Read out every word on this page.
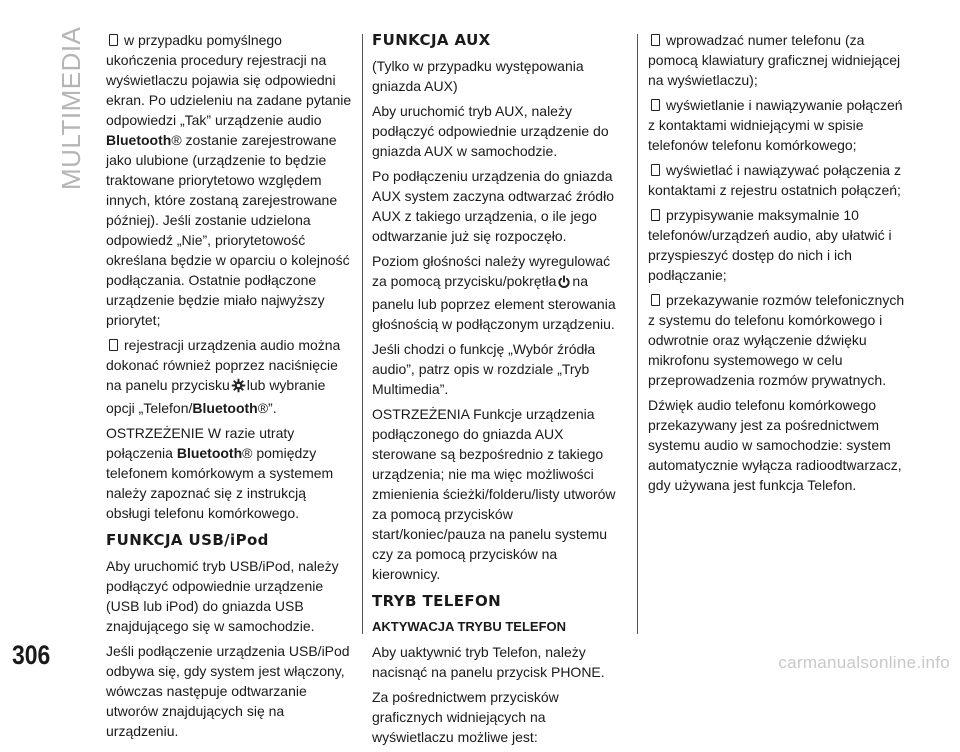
MULTIMEDIA	w przypadku pomyślnego ukończenia procedury rejestracji na wyświetlaczu pojawia się odpowiedni ekran. Po udzieleniu na zadane pytanie odpowiedzi „Tak” urządzenie audio Bluetooth® zostanie zarejestrowane jako ulubione (urządzenie to będzie traktowane priorytetowo względem innych, które zostaną zarejestrowane później). Jeśli zostanie udzielona odpowiedź „Nie”, priorytetowość określana będzie w oparciu o kolejność podłączania. Ostatnie podłączone urządzenie będzie miało najwyższy priorytet;

rejestracji urządzenia audio można dokonać również poprzez naciśnięcie na panelu przycisku lub wybranie opcji „Telefon/Bluetooth®”.

OSTRZEŻENIE W razie utraty połączenia Bluetooth® pomiędzy telefonem komórkowym a systemem należy zapoznać się z instrukcją obsługi telefonu komórkowego.

FUNKCJA USB/iPod

Aby uruchomić tryb USB/iPod, należy podłączyć odpowiednie urządzenie (USB lub iPod) do gniazda USB znajdującego się w samochodzie.

Jeśli podłączenie urządzenia USB/iPod odbywa się, gdy system jest włączony, wówczas następuje odtwarzanie utworów znajdujących się na urządzeniu.

FUNKCJA AUX

(Tylko w przypadku występowania gniazda AUX)

Aby uruchomić tryb AUX, należy podłączyć odpowiednie urządzenie do gniazda AUX w samochodzie.

Po podłączeniu urządzenia do gniazda AUX system zaczyna odtwarzać źródło AUX z takiego urządzenia, o ile jego odtwarzanie już się rozpoczęło.

Poziom głośności należy wyregulować za pomocą przycisku/pokrętła na panelu lub poprzez element sterowania głośnością w podłączonym urządzeniu.

Jeśli chodzi o funkcję „Wybór źródła audio”, patrz opis w rozdziale „Tryb Multimedia”.

OSTRZEŻENIA Funkcje urządzenia podłączonego do gniazda AUX sterowane są bezpośrednio z takiego urządzenia; nie ma więc możliwości zmienienia ścieżki/folderu/listy utworów za pomocą przycisków start/koniec/pauza na panelu systemu czy za pomocą przycisków na kierownicy.

TRYB TELEFON
AKTYWACJA TRYBU TELEFON

Aby uaktywnić tryb Telefon, należy nacisnąć na panelu przycisk PHONE.

Za pośrednictwem przycisków graficznych widniejących na wyświetlaczu możliwe jest:

wprowadzać numer telefonu (za pomocą klawiatury graficznej widniejącej na wyświetlaczu);

wyświetlanie i nawiązywanie połączeń z kontaktami widniejącymi w spisie telefonów telefonu komórkowego;

wyświetlać i nawiązywać połączenia z kontaktami z rejestru ostatnich połączeń;

przypisywanie maksymalnie 10 telefonów/urządzeń audio, aby ułatwić i przyspieszyć dostęp do nich i ich podłączanie;

przekazywanie rozmów telefonicznych z systemu do telefonu komórkowego i odwrotnie oraz wyłączenie dźwięku mikrofonu systemowego w celu przeprowadzenia rozmów prywatnych.

Dźwięk audio telefonu komórkowego przekazywany jest za pośrednictwem systemu audio w samochodzie: system automatycznie wyłącza radioodtwarzacz, gdy używana jest funkcja Telefon.

306	carmanualsonline.info
